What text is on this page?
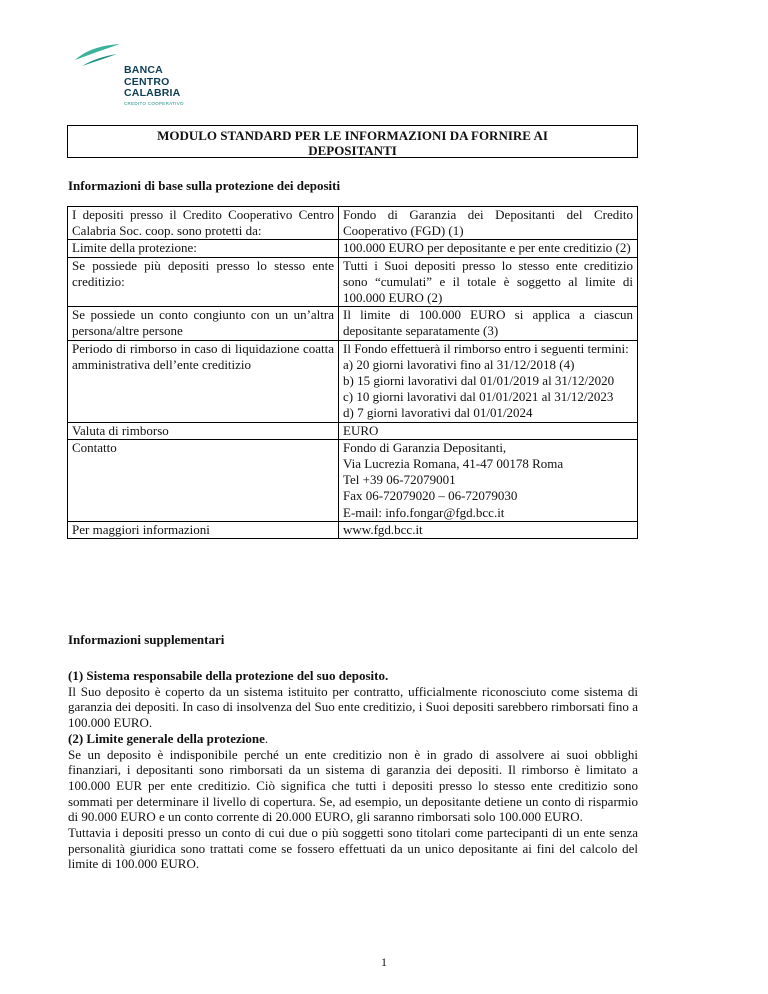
BANCA
CENTRO
CALABRIA
CREDITO COOPERATIVO
MODULO STANDARD PER LE INFORMAZIONI DA FORNIRE AI
DEPOSITANTI
Informazioni di base sulla protezione dei depositi
I depositi presso il Credito Cooperativo Centro Calabria Soc. coop. sono protetti da:	Fondo di Garanzia dei Depositanti del Credito Cooperativo (FGD) (1)

Limite della protezione:	100.000 EURO per depositante e per ente creditizio (2)

Se possiede più depositi presso lo stesso ente creditizio:	Tutti i Suoi depositi presso lo stesso ente creditizio sono “cumulati” e il totale è soggetto al limite di 100.000 EURO (2)

Se possiede un conto congiunto con un un’altra persona/altre persone	Il limite di 100.000 EURO si applica a ciascun depositante separatamente (3)

Periodo di rimborso in caso di liquidazione coatta amministrativa dell’ente creditizio	Il Fondo effettuerà il rimborso entro i seguenti termini:
a) 20 giorni lavorativi fino al 31/12/2018 (4)
b) 15 giorni lavorativi dal 01/01/2019 al 31/12/2020
c) 10 giorni lavorativi dal 01/01/2021 al 31/12/2023
d) 7 giorni lavorativi dal 01/01/2024

Valuta di rimborso	EURO

Contatto	Fondo di Garanzia Depositanti,
Via Lucrezia Romana, 41-47 00178 Roma
Tel +39 06-72079001
Fax 06-72079020 – 06-72079030
E-mail: info.fongar@fgd.bcc.it

Per maggiori informazioni	www.fgd.bcc.it
Informazioni supplementari

(1) Sistema responsabile della protezione del suo deposito.

Il Suo deposito è coperto da un sistema istituito per contratto, ufficialmente riconosciuto come sistema di garanzia dei depositi. In caso di insolvenza del Suo ente creditizio, i Suoi depositi sarebbero rimborsati fino a 100.000 EURO.

(2) Limite generale della protezione.

Se un deposito è indisponibile perché un ente creditizio non è in grado di assolvere ai suoi obblighi finanziari, i depositanti sono rimborsati da un sistema di garanzia dei depositi. Il rimborso è limitato a 100.000 EUR per ente creditizio. Ciò significa che tutti i depositi presso lo stesso ente creditizio sono sommati per determinare il livello di copertura. Se, ad esempio, un depositante detiene un conto di risparmio di 90.000 EURO e un conto corrente di 20.000 EURO, gli saranno rimborsati solo 100.000 EURO.

Tuttavia i depositi presso un conto di cui due o più soggetti sono titolari come partecipanti di un ente senza personalità giuridica sono trattati come se fossero effettuati da un unico depositante ai fini del calcolo del limite di 100.000 EURO.

1
